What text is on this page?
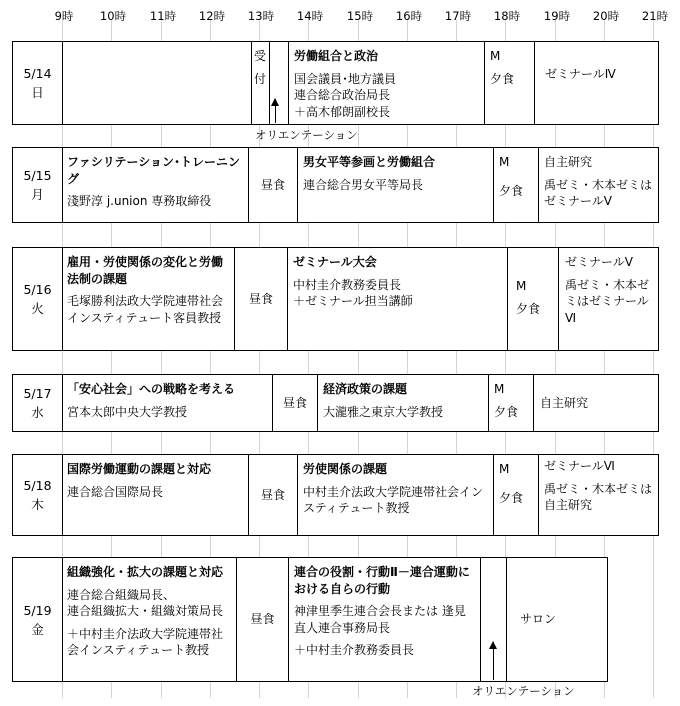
9時 10時 11時 12時 13時 14時 15時 16時 17時 18時 19時 20時 21時
5/14
日
受
付
労働組合と政治
国会議員･地方議員
連合総合政治局長
＋高木郁朗副校長
M
夕食	ゼミナールⅣ
オリエンテーション
5/15
月
ファシリテーション･トレーニング
淺野淳 j.union 専務取締役
昼食
男女平等参画と労働組合
連合総合男女平等局長
M
夕食
自主研究
禹ゼミ・木本ゼミは ゼミナールⅤ
5/16
火
雇用・労使関係の変化と労働法制の課題
毛塚勝利法政大学院連帯社会インスティテュート客員教授
昼食
ゼミナール大会
中村圭介教務委員長
＋ゼミナール担当講師
M
夕食
ゼミナールⅤ
禹ゼミ・木本ゼミはゼミナールⅥ
5/17
水
「安心社会」への戦略を考える
宮本太郎中央大学教授
昼食
経済政策の課題
大瀧雅之東京大学教授
M
夕食
自主研究
5/18
木
国際労働運動の課題と対応
連合総合国際局長	昼食
労使関係の課題
中村圭介法政大学院連帯社会インスティテュート教授
M
夕食
ゼミナールⅥ
禹ゼミ・木本ゼミは自主研究
5/19
金
組織強化・拡大の課題と対応
連合総合組織局長、
連合組織拡大・組織対策局長
＋中村圭介法政大学院連帯社会インスティテュート教授
昼食
連合の役割・行動Ⅱ－連合運動における自らの行動
神津里季生連合会長または 逢見直人連合事務局長
＋中村圭介教務委員長
サロン
オリエンテーション
